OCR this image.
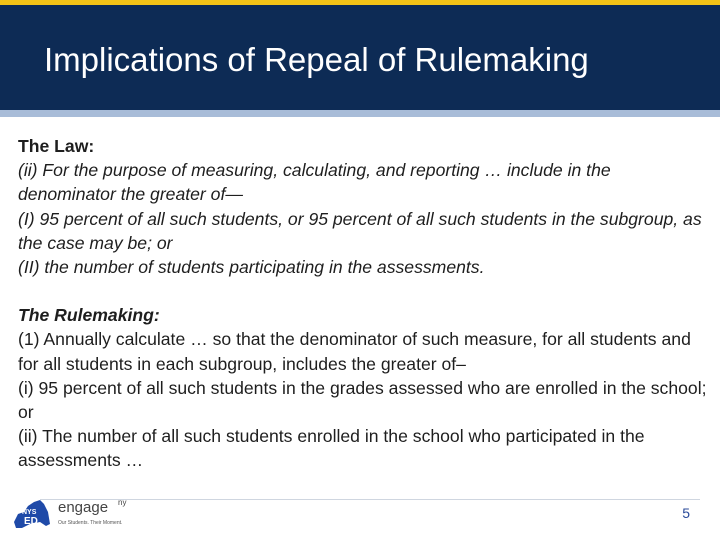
Implications of Repeal of Rulemaking

The Law:

(ii) For the purpose of measuring, calculating, and reporting … include in the denominator the greater of—

(I) 95 percent of all such students, or 95 percent of all such students in the subgroup, as the case may be; or

(II) the number of students participating in the assessments.

The Rulemaking:

(1) Annually calculate … so that the denominator of such measure, for all students and for all students in each subgroup, includes the greater of–

(i) 95 percent of all such students in the grades assessed who are enrolled in the school; or

(ii) The number of all such students enrolled in the school who participated in the assessments …

NYS
ED
engage ny
Our Students. Their Moment.
5
